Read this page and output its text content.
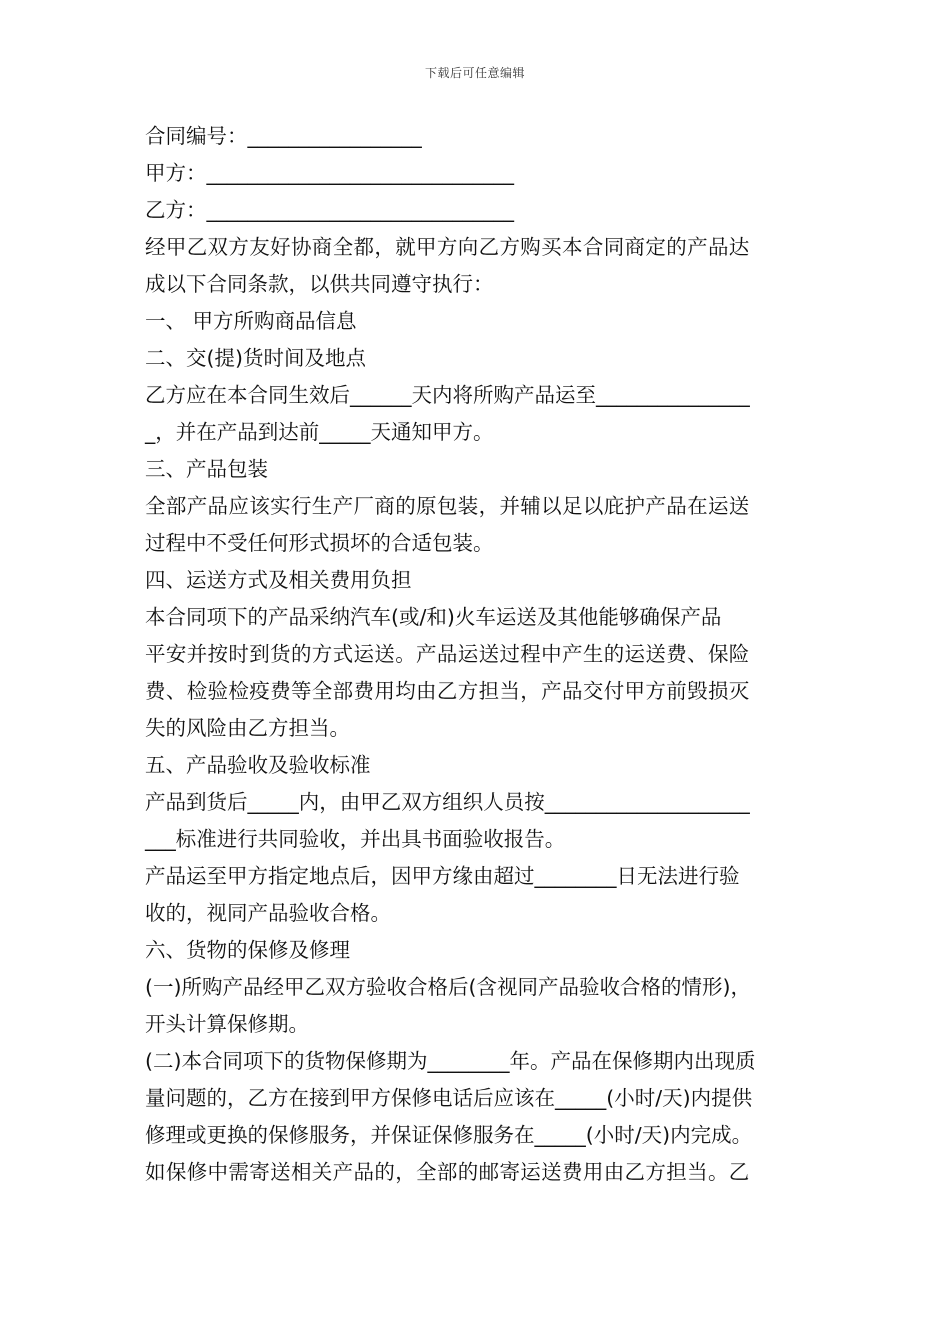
下载后可任意编辑
合同编号：_________________
甲方：______________________________
乙方：______________________________
经甲乙双方友好协商全都，就甲方向乙方购买本合同商定的产品达
成以下合同条款，以供共同遵守执行：
一、 甲方所购商品信息
二、交(提)货时间及地点
乙方应在本合同生效后______天内将所购产品运至_______________
_，并在产品到达前_____天通知甲方。
三、产品包装
全部产品应该实行生产厂商的原包装，并辅以足以庇护产品在运送
过程中不受任何形式损坏的合适包装。
四、运送方式及相关费用负担
本合同项下的产品采纳汽车(或/和)火车运送及其他能够确保产品
平安并按时到货的方式运送。产品运送过程中产生的运送费、保险
费、检验检疫费等全部费用均由乙方担当，产品交付甲方前毁损灭
失的风险由乙方担当。
五、产品验收及验收标准
产品到货后_____内，由甲乙双方组织人员按____________________
___标准进行共同验收，并出具书面验收报告。
产品运至甲方指定地点后，因甲方缘由超过________日无法进行验
收的，视同产品验收合格。
六、货物的保修及修理
(一)所购产品经甲乙双方验收合格后(含视同产品验收合格的情形)，
开头计算保修期。
(二)本合同项下的货物保修期为________年。产品在保修期内出现质
量问题的，乙方在接到甲方保修电话后应该在_____(小时/天)内提供
修理或更换的保修服务，并保证保修服务在_____(小时/天)内完成。
如保修中需寄送相关产品的，全部的邮寄运送费用由乙方担当。乙
